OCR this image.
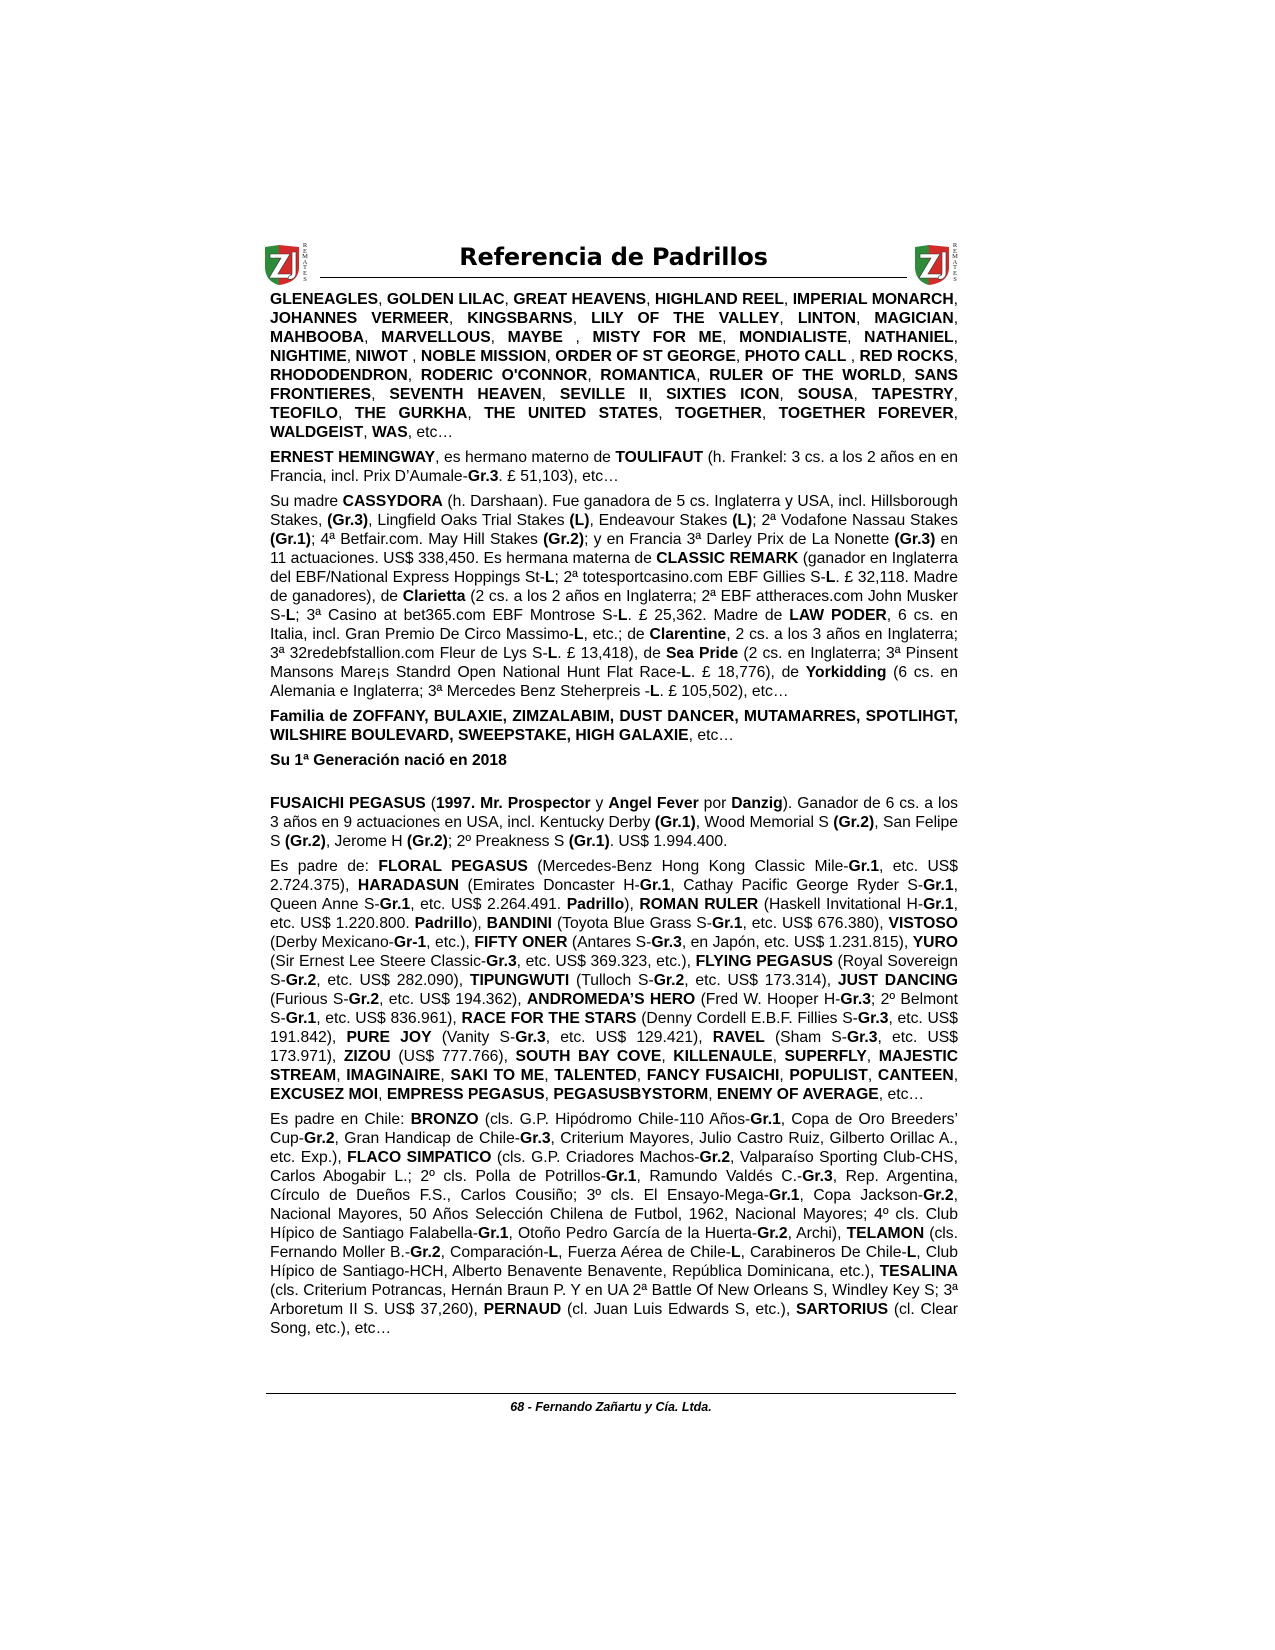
R
E
M
A
T
E
S
R
E
M
A
T
E
S
Referencia de Padrillos

GLENEAGLES, GOLDEN LILAC, GREAT HEAVENS, HIGHLAND REEL, IMPERIAL MONARCH, JOHANNES VERMEER, KINGSBARNS, LILY OF THE VALLEY, LINTON, MAGICIAN, MAHBOOBA, MARVELLOUS, MAYBE , MISTY FOR ME, MONDIALISTE, NATHANIEL, NIGHTIME, NIWOT , NOBLE MISSION, ORDER OF ST GEORGE, PHOTO CALL , RED ROCKS, RHODODENDRON, RODERIC O'CONNOR, ROMANTICA, RULER OF THE WORLD, SANS FRONTIERES, SEVENTH HEAVEN, SEVILLE II, SIXTIES ICON, SOUSA, TAPESTRY, TEOFILO, THE GURKHA, THE UNITED STATES, TOGETHER, TOGETHER FOREVER, WALDGEIST, WAS, etc…

ERNEST HEMINGWAY, es hermano materno de TOULIFAUT (h. Frankel: 3 cs. a los 2 años en en Francia, incl. Prix D’Aumale-Gr.3. £ 51,103), etc…

Su madre CASSYDORA (h. Darshaan). Fue ganadora de 5 cs. Inglaterra y USA, incl. Hillsborough Stakes, (Gr.3), Lingfield Oaks Trial Stakes (L), Endeavour Stakes (L); 2ª Vodafone Nassau Stakes (Gr.1); 4ª Betfair.com. May Hill Stakes (Gr.2); y en Francia 3ª Darley Prix de La Nonette (Gr.3) en 11 actuaciones. US$ 338,450. Es hermana materna de CLASSIC REMARK (ganador en Inglaterra del EBF/National Express Hoppings St-L; 2ª totesportcasino.com EBF Gillies S-L. £ 32,118. Madre de ganadores), de Clarietta (2 cs. a los 2 años en Inglaterra; 2ª EBF attheraces.com John Musker S-L; 3ª Casino at bet365.com EBF Montrose S-L. £ 25,362. Madre de LAW PODER, 6 cs. en Italia, incl. Gran Premio De Circo Massimo-L, etc.; de Clarentine, 2 cs. a los 3 años en Inglaterra; 3ª 32redebfstallion.com Fleur de Lys S-L. £ 13,418), de Sea Pride (2 cs. en Inglaterra; 3ª Pinsent Mansons Mare¡s Standrd Open National Hunt Flat Race-L. £ 18,776), de Yorkidding (6 cs. en Alemania e Inglaterra; 3ª Mercedes Benz Steherpreis -L. £ 105,502), etc…

Familia de ZOFFANY, BULAXIE, ZIMZALABIM, DUST DANCER, MUTAMARRES, SPOTLIHGT, WILSHIRE BOULEVARD, SWEEPSTAKE, HIGH GALAXIE, etc…

Su 1ª Generación nació en 2018

FUSAICHI PEGASUS (1997. Mr. Prospector y Angel Fever por Danzig). Ganador de 6 cs. a los 3 años en 9 actuaciones en USA, incl. Kentucky Derby (Gr.1), Wood Memorial S (Gr.2), San Felipe S (Gr.2), Jerome H (Gr.2); 2º Preakness S (Gr.1). US$ 1.994.400.

Es padre de: FLORAL PEGASUS (Mercedes-Benz Hong Kong Classic Mile-Gr.1, etc. US$ 2.724.375), HARADASUN (Emirates Doncaster H-Gr.1, Cathay Pacific George Ryder S-Gr.1, Queen Anne S-Gr.1, etc. US$ 2.264.491. Padrillo), ROMAN RULER (Haskell Invitational H-Gr.1, etc. US$ 1.220.800. Padrillo), BANDINI (Toyota Blue Grass S-Gr.1, etc. US$ 676.380), VISTOSO (Derby Mexicano-Gr-1, etc.), FIFTY ONER (Antares S-Gr.3, en Japón, etc. US$ 1.231.815), YURO (Sir Ernest Lee Steere Classic-Gr.3, etc. US$ 369.323, etc.), FLYING PEGASUS (Royal Sovereign S-Gr.2, etc. US$ 282.090), TIPUNGWUTI (Tulloch S-Gr.2, etc. US$ 173.314), JUST DANCING (Furious S-Gr.2, etc. US$ 194.362), ANDROMEDA’S HERO (Fred W. Hooper H-Gr.3; 2º Belmont S-Gr.1, etc. US$ 836.961), RACE FOR THE STARS (Denny Cordell E.B.F. Fillies S-Gr.3, etc. US$ 191.842), PURE JOY (Vanity S-Gr.3, etc. US$ 129.421), RAVEL (Sham S-Gr.3, etc. US$ 173.971), ZIZOU (US$ 777.766), SOUTH BAY COVE, KILLENAULE, SUPERFLY, MAJESTIC STREAM, IMAGINAIRE, SAKI TO ME, TALENTED, FANCY FUSAICHI, POPULIST, CANTEEN, EXCUSEZ MOI, EMPRESS PEGASUS, PEGASUSBYSTORM, ENEMY OF AVERAGE, etc…

Es padre en Chile: BRONZO (cls. G.P. Hipódromo Chile-110 Años-Gr.1, Copa de Oro Breeders’ Cup-Gr.2, Gran Handicap de Chile-Gr.3, Criterium Mayores, Julio Castro Ruiz, Gilberto Orillac A., etc. Exp.), FLACO SIMPATICO (cls. G.P. Criadores Machos-Gr.2, Valparaíso Sporting Club-CHS, Carlos Abogabir L.; 2º cls. Polla de Potrillos-Gr.1, Ramundo Valdés C.-Gr.3, Rep. Argentina, Círculo de Dueños F.S., Carlos Cousiño; 3º cls. El Ensayo-Mega-Gr.1, Copa Jackson-Gr.2, Nacional Mayores, 50 Años Selección Chilena de Futbol, 1962, Nacional Mayores; 4º cls. Club Hípico de Santiago Falabella-Gr.1, Otoño Pedro García de la Huerta-Gr.2, Archi), TELAMON (cls. Fernando Moller B.-Gr.2, Comparación-L, Fuerza Aérea de Chile-L, Carabineros De Chile-L, Club Hípico de Santiago-HCH, Alberto Benavente Benavente, República Dominicana, etc.), TESALINA (cls. Criterium Potrancas, Hernán Braun P. Y en UA 2ª Battle Of New Orleans S, Windley Key S; 3ª Arboretum II S. US$ 37,260), PERNAUD (cl. Juan Luis Edwards S, etc.), SARTORIUS (cl. Clear Song, etc.), etc…

68 - Fernando Zañartu y Cía. Ltda.
